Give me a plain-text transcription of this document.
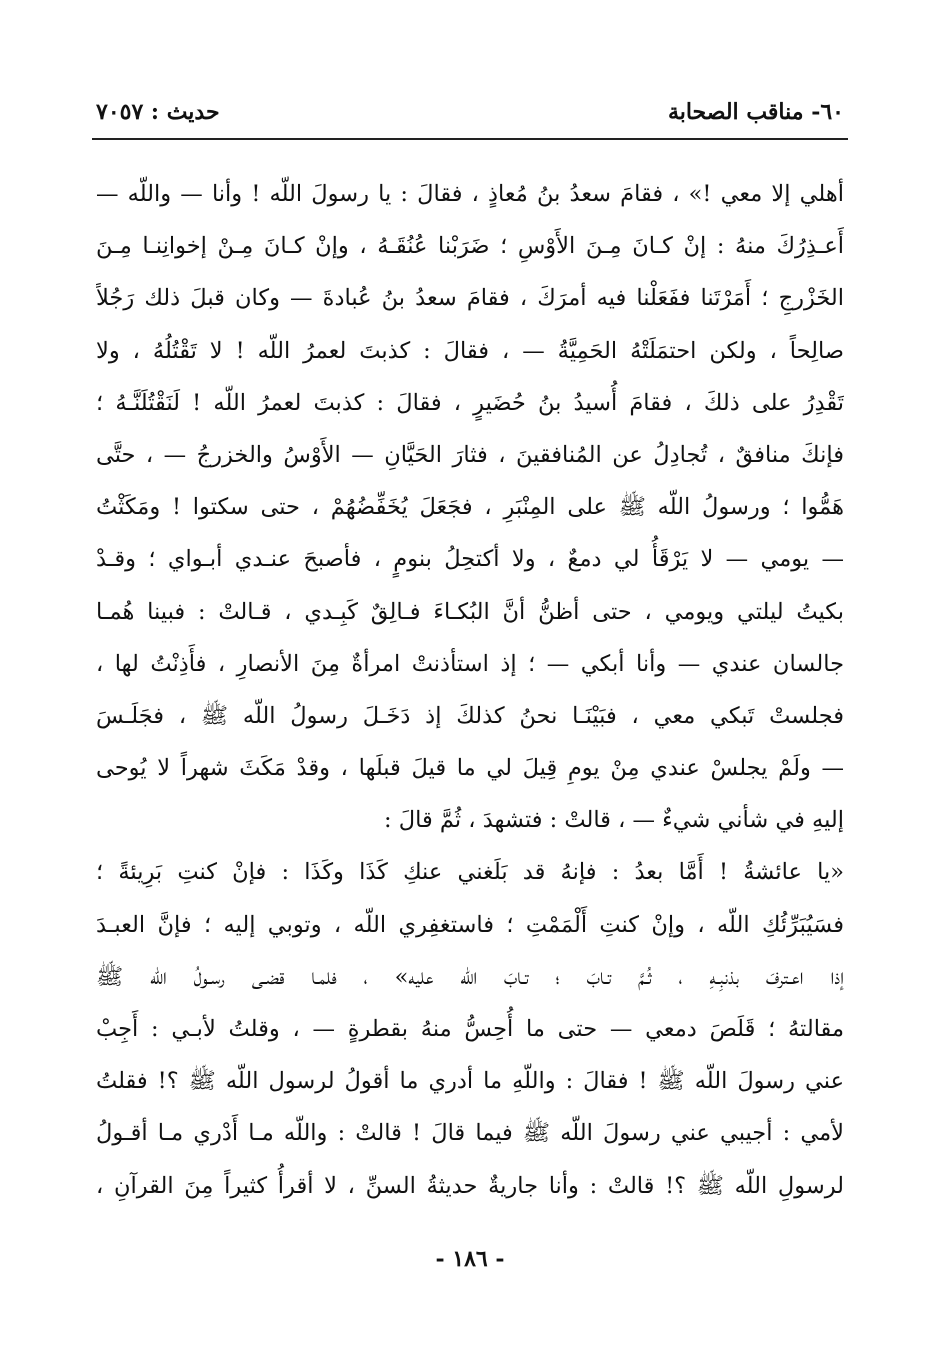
٦٠- مناقب الصحابة
حديث : ٧٠٥٧
أهلي إلا معي !» ، فقامَ سعدُ بنُ مُعاذٍ ، فقالَ : يا رسولَ اللّه ! وأنا — واللّه —
أَعـذِرُكَ منهُ : إنْ كـانَ مِـنَ الأَوْسِ ؛ ضَرَبْنا عُنُقَـهُ ، وإنْ كـانَ مِـنْ إخوانِنـا مِـنَ
الخَزْرجِ ؛ أَمَرْتَنا ففَعَلْنا فيه أمرَكَ ، فقامَ سعدُ بنُ عُبادةَ — وكان قبلَ ذلك رَجُلاً
صالِحاً ، ولكن احتمَلَتْهُ الحَمِيَّةُ — ، فقالَ : كذبتَ لعمرُ اللّه ! لا تَقْتُلُهُ ، ولا
تَقْدِرُ على ذلكَ ، فقامَ أُسيدُ بنُ حُضَيرٍ ، فقالَ : كذبتَ لعمرُ اللّه ! لَنَقْتُلَنَّـهُ ؛
فإنكَ منافقٌ ، تُجادِلُ عن المُنافقينَ ، فثارَ الحَيَّانِ — الأَوْسُ والخزرجُ — ، حتَّى
هَمُّوا ؛ ورسولُ اللّه ﷺ على المِنْبَرِ ، فجَعَلَ يُخَفِّضُهُمْ ، حتى سكتوا ! ومَكَثْتُ
— يومي — لا يَرْقَأُ لي دمعٌ ، ولا أكتحِلُ بنومٍ ، فأصبحَ عنـدي أبـواي ؛ وقـدْ
بكيتُ ليلتي ويومي ، حتى أظنُّ أنَّ البُكـاءَ فـالِقٌ كَبِـدي ، قـالتْ : فبينا هُمـا
جالسان عندي — وأنا أبكي — ؛ إذ استأذنتْ امرأةٌ مِنَ الأنصارِ ، فأَذِنْتُ لها ،
فجلستْ تَبكي معي ، فبَيْنَـا نحنُ كذلكَ إذ دَخَـلَ رسولُ اللّه ﷺ ، فجَلَـسَ
— ولَمْ يجلسْ عندي مِنْ يومِ قِيلَ لي ما قيلَ قبلَها ، وقدْ مَكَثَ شهراً لا يُوحى
إليهِ في شأني شيءٌ — ، قالتْ : فتشهدَ ، ثُمَّ قالَ :
«يا عائشةُ ! أَمَّا بعدُ : فإنهُ قد بَلَغني عنكِ كَذَا وكَذَا : فإنْ كنتِ بَرِيئةً ؛
فسَيُبَرِّئُكِ اللّه ، وإنْ كنتِ أَلْمَمْتِ ؛ فاستغفِري اللّه ، وتوبي إليه ؛ فإنَّ العبـدَ
إذا اعـترفَ بذنبِـهِ ، ثُـمَّ تـابَ ؛ تـابَ اللّه عليه» ، فلمـا قضـى رسـولُ اللّه ﷺ
مقالتهُ ؛ قَلَصَ دمعي — حتى ما أُحِسُّ منهُ بقطرةٍ — ، وقلتُ لأبـي : أَجِبْ
عني رسولَ اللّه ﷺ ! فقالَ : واللّهِ ما أدري ما أقولُ لرسول اللّه ﷺ ؟! فقلتُ
لأمي : أجيبي عني رسولَ اللّه ﷺ فيما قالَ ! قالتْ : واللّه مـا أَدْري مـا أقـولُ
لرسولِ اللّه ﷺ ؟! قالتْ : وأنا جاريةٌ حديثةُ السنِّ ، لا أقرأُ كثيراً مِنَ القرآنِ ،
- ١٨٦ -
